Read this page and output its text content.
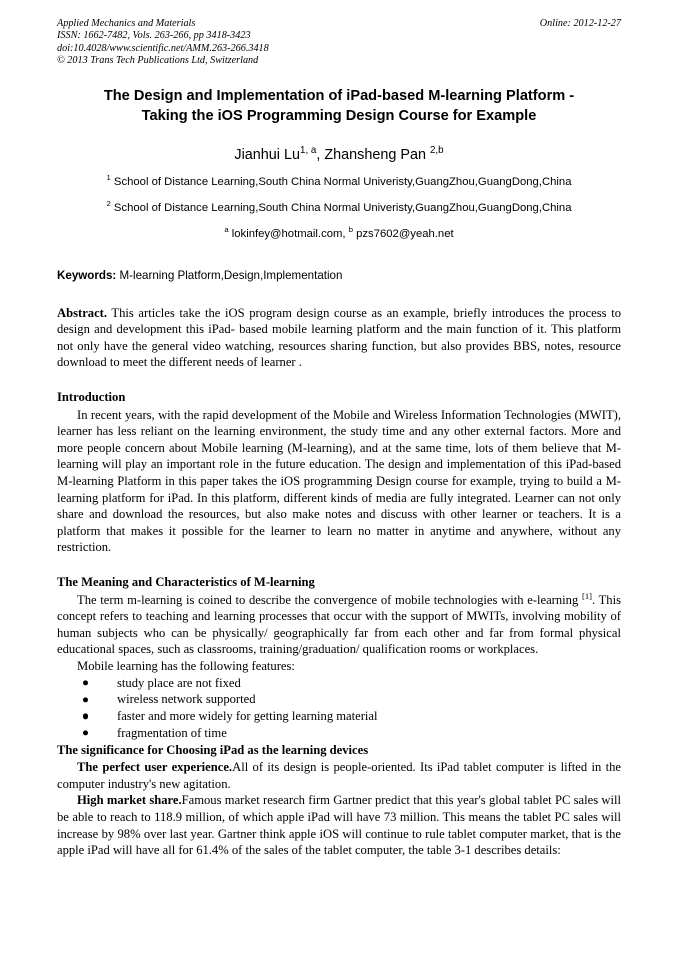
Applied Mechanics and Materials
ISSN: 1662-7482, Vols. 263-266, pp 3418-3423
doi:10.4028/www.scientific.net/AMM.263-266.3418
© 2013 Trans Tech Publications Ltd, Switzerland
Online: 2012-12-27
The Design and Implementation of iPad-based M-learning Platform -
Taking the iOS Programming Design Course for Example
Jianhui Lu$^{1, a}$, Zhansheng Pan $^{2,b}$
$^1$ School of Distance Learning,South China Normal Univeristy,GuangZhou,GuangDong,China
$^2$ School of Distance Learning,South China Normal Univeristy,GuangZhou,GuangDong,China
$^a$ lokinfey@hotmail.com, $^b$ pzs7602@yeah.net
Keywords: M-learning Platform,Design,Implementation
Abstract. This articles take the iOS program design course as an example, briefly introduces the process to design and development this iPad- based mobile learning platform and the main function of it. This platform not only have the general video watching, resources sharing function, but also provides BBS, notes, resource download to meet the different needs of learner .
Introduction

In recent years, with the rapid development of the Mobile and Wireless Information Technologies (MWIT), learner has less reliant on the learning environment, the study time and any other external factors. More and more people concern about Mobile learning (M-learning), and at the same time, lots of them believe that M-learning will play an important role in the future education. The design and implementation of this iPad-based M-learning Platform in this paper takes the iOS programming Design course for example, trying to build a M-learning platform for iPad. In this platform, different kinds of media are fully integrated. Learner can not only share and download the resources, but also make notes and discuss with other learner or teachers. It is a platform that makes it possible for the learner to learn no matter in anytime and anywhere, without any restriction.

The Meaning and Characteristics of M-learning

The term m-learning is coined to describe the convergence of mobile technologies with e-learning [1]. This concept refers to teaching and learning processes that occur with the support of MWITs, involving mobility of human subjects who can be physically/ geographically far from each other and far from formal physical educational spaces, such as classrooms, training/graduation/ qualification rooms or workplaces.

Mobile learning has the following features:

study place are not fixed
wireless network supported
faster and more widely for getting learning material
fragmentation of time
The significance for Choosing iPad as the learning devices

The perfect user experience.All of its design is people-oriented. Its iPad tablet computer is lifted in the computer industry's new agitation.

High market share.Famous market research firm Gartner predict that this year's global tablet PC sales will be able to reach to 118.9 million, of which apple iPad will have 73 million. This means the tablet PC sales will increase by 98% over last year. Gartner think apple iOS will continue to rule tablet computer market, that is the apple iPad will have all for 61.4% of the sales of the tablet computer, the table 3-1 describes details:
